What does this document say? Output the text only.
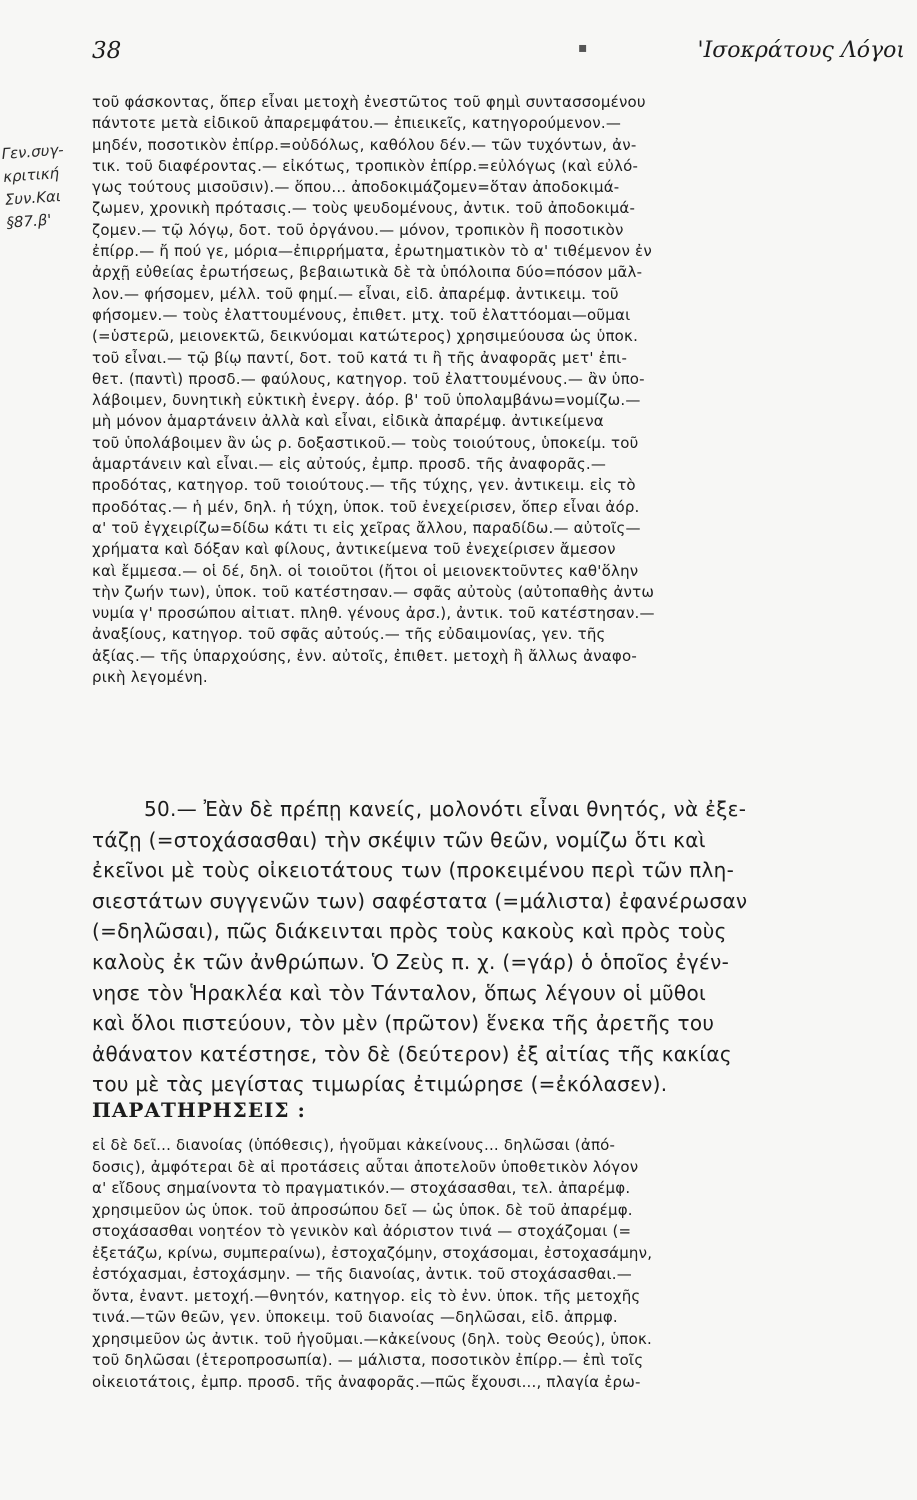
38	▪	'Ισοκράτους Λόγοι
Γεν.συγ-
κριτική
Συν.Και
§87.β'
τοῦ φάσκοντας, ὅπερ εἶναι μετοχὴ ἐνεστῶτος τοῦ φημὶ συντασσομένου
πάντοτε μετὰ εἰδικοῦ ἀπαρεμφάτου.— ἐπιεικεῖς, κατηγορούμενον.—
μηδέν, ποσοτικὸν ἐπίρρ.=οὐδόλως, καθόλου δέν.— τῶν τυχόντων, ἀν-
τικ. τοῦ διαφέροντας.— εἰκότως, τροπικὸν ἐπίρρ.=εὐλόγως (καὶ εὐλό-
γως τούτους μισοῦσιν).— ὅπου... ἀποδοκιμάζομεν=ὅταν ἀποδοκιμά-
ζωμεν, χρονικὴ πρότασις.— τοὺς ψευδομένους, ἀντικ. τοῦ ἀποδοκιμά-
ζομεν.— τῷ λόγῳ, δοτ. τοῦ ὀργάνου.— μόνον, τροπικὸν ἢ ποσοτικὸν
ἐπίρρ.— ἤ πού γε, μόρια—ἐπιρρήματα, ἐρωτηματικὸν τὸ α' τιθέμενον ἐν
ἀρχῇ εὐθείας ἐρωτήσεως, βεβαιωτικὰ δὲ τὰ ὑπόλοιπα δύο=πόσον μᾶλ-
λον.— φήσομεν, μέλλ. τοῦ φημί.— εἶναι, εἰδ. ἀπαρέμφ. ἀντικειμ. τοῦ
φήσομεν.— τοὺς ἐλαττουμένους, ἐπιθετ. μτχ. τοῦ ἐλαττόομαι—οῦμαι
(=ὑστερῶ, μειονεκτῶ, δεικνύομαι κατώτερος) χρησιμεύουσα ὡς ὑποκ.
τοῦ εἶναι.— τῷ βίῳ παντί, δοτ. τοῦ κατά τι ἢ τῆς ἀναφορᾶς μετ' ἐπι-
θετ. (παντὶ) προσδ.— φαύλους, κατηγορ. τοῦ ἐλαττουμένους.— ἂν ὑπο-
λάβοιμεν, δυνητικὴ εὐκτικὴ ἐνεργ. ἀόρ. β' τοῦ ὑπολαμβάνω=νομίζω.—
μὴ μόνον ἁμαρτάνειν ἀλλὰ καὶ εἶναι, εἰδικὰ ἀπαρέμφ. ἀντικείμενα
τοῦ ὑπολάβοιμεν ἂν ὡς ρ. δοξαστικοῦ.— τοὺς τοιούτους, ὑποκείμ. τοῦ
ἁμαρτάνειν καὶ εἶναι.— εἰς αὐτούς, ἐμπρ. προσδ. τῆς ἀναφορᾶς.—
προδότας, κατηγορ. τοῦ τοιούτους.— τῆς τύχης, γεν. ἀντικειμ. εἰς τὸ
προδότας.— ἡ μέν, δηλ. ἡ τύχη, ὑποκ. τοῦ ἐνεχείρισεν, ὅπερ εἶναι ἀόρ.
α' τοῦ ἐγχειρίζω=δίδω κάτι τι εἰς χεῖρας ἄλλου, παραδίδω.— αὐτοῖς—
χρήματα καὶ δόξαν καὶ φίλους, ἀντικείμενα τοῦ ἐνεχείρισεν ἄμεσον
καὶ ἔμμεσα.— οἱ δέ, δηλ. οἱ τοιοῦτοι (ἤτοι οἱ μειονεκτοῦντες καθ'ὅλην
τὴν ζωήν των), ὑποκ. τοῦ κατέστησαν.— σφᾶς αὐτοὺς (αὐτοπαθὴς ἀντω
νυμία γ' προσώπου αἰτιατ. πληθ. γένους ἀρσ.), ἀντικ. τοῦ κατέστησαν.—
ἀναξίους, κατηγορ. τοῦ σφᾶς αὐτούς.— τῆς εὐδαιμονίας, γεν. τῆς
ἀξίας.— τῆς ὑπαρχούσης, ἐνν. αὐτοῖς, ἐπιθετ. μετοχὴ ἢ ἄλλως ἀναφο-
ρικὴ λεγομένη.
50.— Ἐὰν δὲ πρέπῃ κανείς, μολονότι εἶναι θνητός, νὰ ἐξε-
τάζῃ (=στοχάσασθαι) τὴν σκέψιν τῶν θεῶν, νομίζω ὅτι καὶ
ἐκεῖνοι μὲ τοὺς οἰκειοτάτους των (προκειμένου περὶ τῶν πλη-
σιεστάτων συγγενῶν των) σαφέστατα (=μάλιστα) ἐφανέρωσαν
(=δηλῶσαι), πῶς διάκεινται πρὸς τοὺς κακοὺς καὶ πρὸς τοὺς
καλοὺς ἐκ τῶν ἀνθρώπων. Ὁ Ζεὺς π. χ. (=γάρ) ὁ ὁποῖος ἐγέν-
νησε τὸν Ἡρακλέα καὶ τὸν Τάνταλον, ὅπως λέγουν οἱ μῦθοι
καὶ ὅλοι πιστεύουν, τὸν μὲν (πρῶτον) ἕνεκα τῆς ἀρετῆς του
ἀθάνατον κατέστησε, τὸν δὲ (δεύτερον) ἐξ αἰτίας τῆς κακίας
του μὲ τὰς μεγίστας τιμωρίας ἐτιμώρησε (=ἐκόλασεν).
ΠΑΡΑΤΗΡΗΣΕΙΣ :
εἰ δὲ δεῖ... διανοίας (ὑπόθεσις), ἡγοῦμαι κἀκείνους... δηλῶσαι (ἀπό-
δοσις), ἀμφότεραι δὲ αἱ προτάσεις αὗται ἀποτελοῦν ὑποθετικὸν λόγον
α' εἴδους σημαίνοντα τὸ πραγματικόν.— στοχάσασθαι, τελ. ἀπαρέμφ.
χρησιμεῦον ὡς ὑποκ. τοῦ ἀπροσώπου δεῖ — ὡς ὑποκ. δὲ τοῦ ἀπαρέμφ.
στοχάσασθαι νοητέον τὸ γενικὸν καὶ ἀόριστον τινά — στοχάζομαι (=
ἐξετάζω, κρίνω, συμπεραίνω), ἐστοχαζόμην, στοχάσομαι, ἐστοχασάμην,
ἐστόχασμαι, ἐστοχάσμην. — τῆς διανοίας, ἀντικ. τοῦ στοχάσασθαι.—
ὄντα, ἐναντ. μετοχή.—θνητόν, κατηγορ. εἰς τὸ ἐνν. ὑποκ. τῆς μετοχῆς
τινά.—τῶν θεῶν, γεν. ὑποκειμ. τοῦ διανοίας —δηλῶσαι, εἰδ. ἀπρμφ.
χρησιμεῦον ὡς ἀντικ. τοῦ ἡγοῦμαι.—κἀκείνους (δηλ. τοὺς Θεούς), ὑποκ.
τοῦ δηλῶσαι (ἑτεροπροσωπία). — μάλιστα, ποσοτικὸν ἐπίρρ.— ἐπὶ τοῖς
οἰκειοτάτοις, ἐμπρ. προσδ. τῆς ἀναφορᾶς.—πῶς ἔχουσι..., πλαγία ἐρω-
